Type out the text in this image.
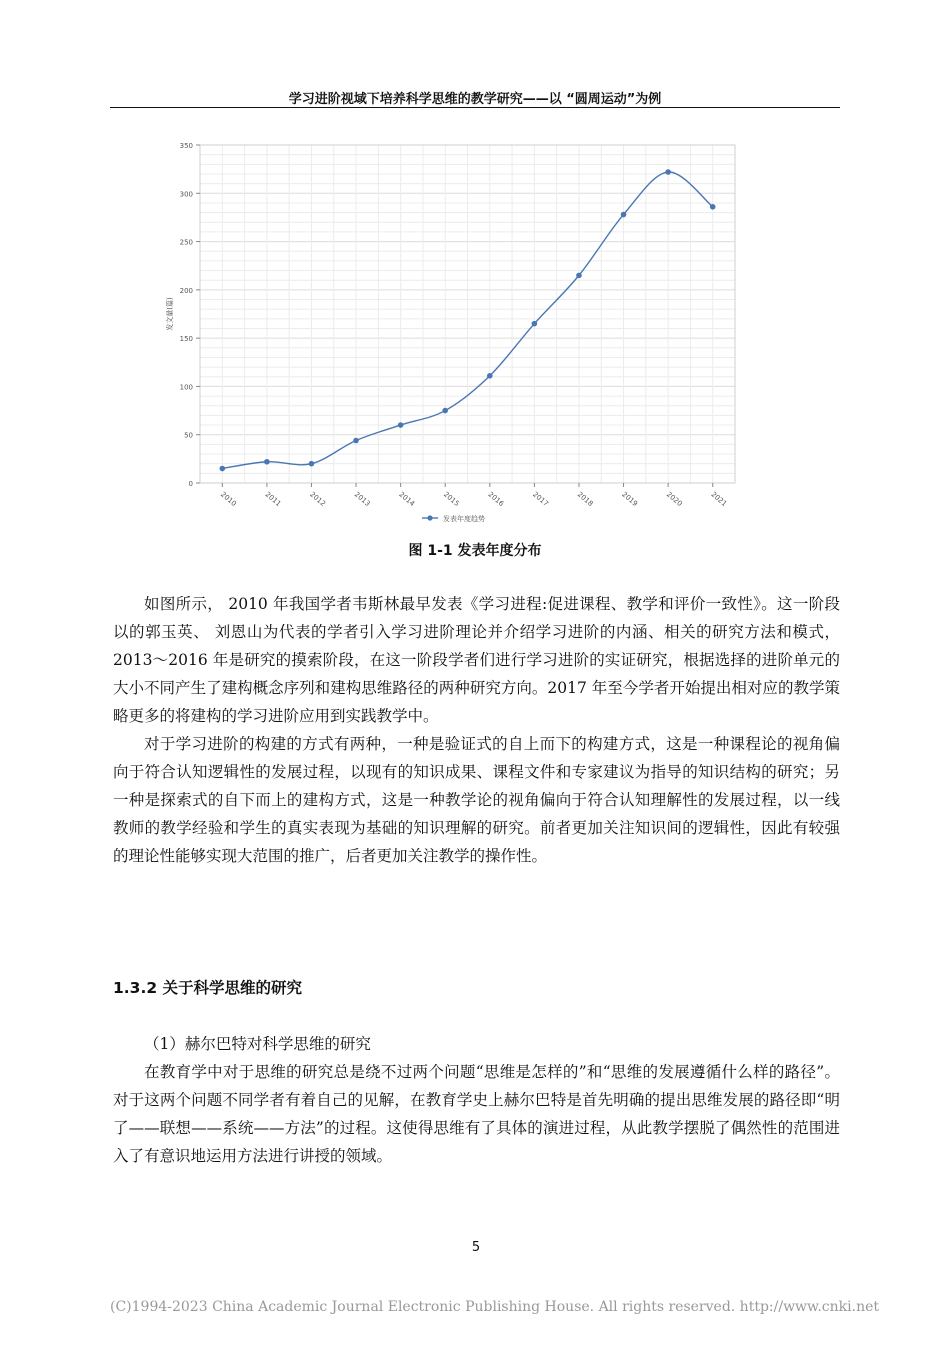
学习进阶视域下培养科学思维的教学研究——以 “圆周运动”为例
0
50
100
150
200
250
300
350
发文量(篇)
2010	2011	2012	2013	2014	2015	2016	2017	2018	2019	2020	2021
发表年度趋势
图 1-1 发表年度分布

如图所示， 2010 年我国学者韦斯林最早发表《学习进程:促进课程、教学和评价一致性》。这一阶段以的郭玉英、 刘恩山为代表的学者引入学习进阶理论并介绍学习进阶的内涵、相关的研究方法和模式，2013～2016 年是研究的摸索阶段，在这一阶段学者们进行学习进阶的实证研究，根据选择的进阶单元的大小不同产生了建构概念序列和建构思维路径的两种研究方向。2017 年至今学者开始提出相对应的教学策略更多的将建构的学习进阶应用到实践教学中。

对于学习进阶的构建的方式有两种，一种是验证式的自上而下的构建方式，这是一种课程论的视角偏向于符合认知逻辑性的发展过程，以现有的知识成果、课程文件和专家建议为指导的知识结构的研究；另一种是探索式的自下而上的建构方式，这是一种教学论的视角偏向于符合认知理解性的发展过程，以一线教师的教学经验和学生的真实表现为基础的知识理解的研究。前者更加关注知识间的逻辑性，因此有较强的理论性能够实现大范围的推广，后者更加关注教学的操作性。

1.3.2 关于科学思维的研究

（1）赫尔巴特对科学思维的研究

在教育学中对于思维的研究总是绕不过两个问题“思维是怎样的”和“思维的发展遵循什么样的路径”。对于这两个问题不同学者有着自己的见解，在教育学史上赫尔巴特是首先明确的提出思维发展的路径即“明了——联想——系统——方法”的过程。这使得思维有了具体的演进过程，从此教学摆脱了偶然性的范围进入了有意识地运用方法进行讲授的领域。

5
(C)1994-2023 China Academic Journal Electronic Publishing House. All rights reserved. http://www.cnki.net
